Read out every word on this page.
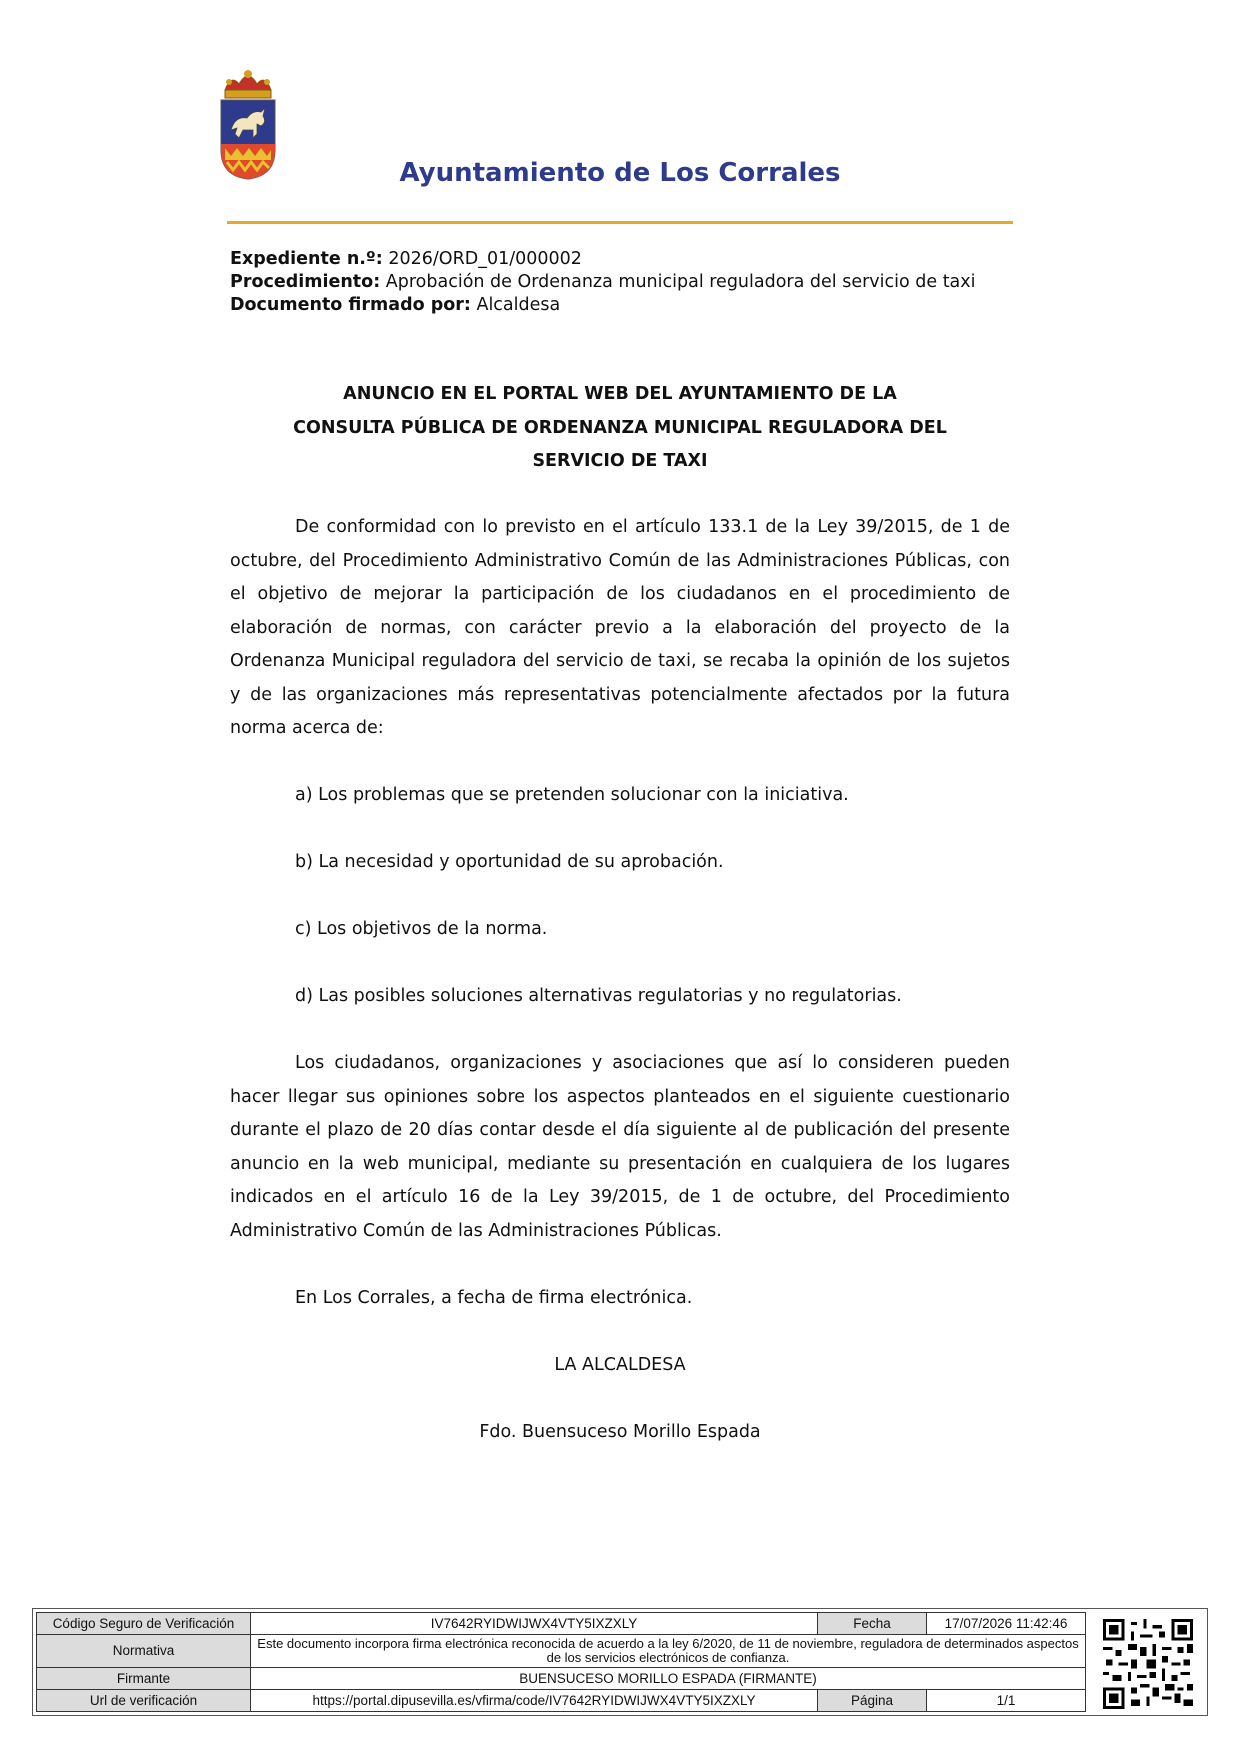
Ayuntamiento de Los Corrales
Expediente n.º: 2026/ORD_01/000002
Procedimiento: Aprobación de Ordenanza municipal reguladora del servicio de taxi
Documento firmado por: Alcaldesa
ANUNCIO EN EL PORTAL WEB DEL AYUNTAMIENTO DE LA
CONSULTA PÚBLICA DE ORDENANZA MUNICIPAL REGULADORA DEL
SERVICIO DE TAXI

De conformidad con lo previsto en el artículo 133.1 de la Ley 39/2015, de 1 de octubre, del Procedimiento Administrativo Común de las Administraciones Públicas, con el objetivo de mejorar la participación de los ciudadanos en el procedimiento de elaboración de normas, con carácter previo a la elaboración del proyecto de la Ordenanza Municipal reguladora del servicio de taxi, se recaba la opinión de los sujetos y de las organizaciones más representativas potencialmente afectados por la futura norma acerca de:

a) Los problemas que se pretenden solucionar con la iniciativa.

b) La necesidad y oportunidad de su aprobación.

c) Los objetivos de la norma.

d) Las posibles soluciones alternativas regulatorias y no regulatorias.

Los ciudadanos, organizaciones y asociaciones que así lo consideren pueden hacer llegar sus opiniones sobre los aspectos planteados en el siguiente cuestionario durante el plazo de 20 días contar desde el día siguiente al de publicación del presente anuncio en la web municipal, mediante su presentación en cualquiera de los lugares indicados en el artículo 16 de la Ley 39/2015, de 1 de octubre, del Procedimiento Administrativo Común de las Administraciones Públicas.

En Los Corrales, a fecha de firma electrónica.

LA ALCALDESA

Fdo. Buensuceso Morillo Espada

Código Seguro de Verificación	IV7642RYIDWIJWX4VTY5IXZXLY	Fecha	17/07/2026 11:42:46
Normativa	Este documento incorpora firma electrónica reconocida de acuerdo a la ley 6/2020, de 11 de noviembre, reguladora de determinados aspectos de los servicios electrónicos de confianza.		
Firmante	BUENSUCESO MORILLO ESPADA (FIRMANTE)		
Url de verificación	https://portal.dipusevilla.es/vfirma/code/IV7642RYIDWIJWX4VTY5IXZXLY	Página	1/1
